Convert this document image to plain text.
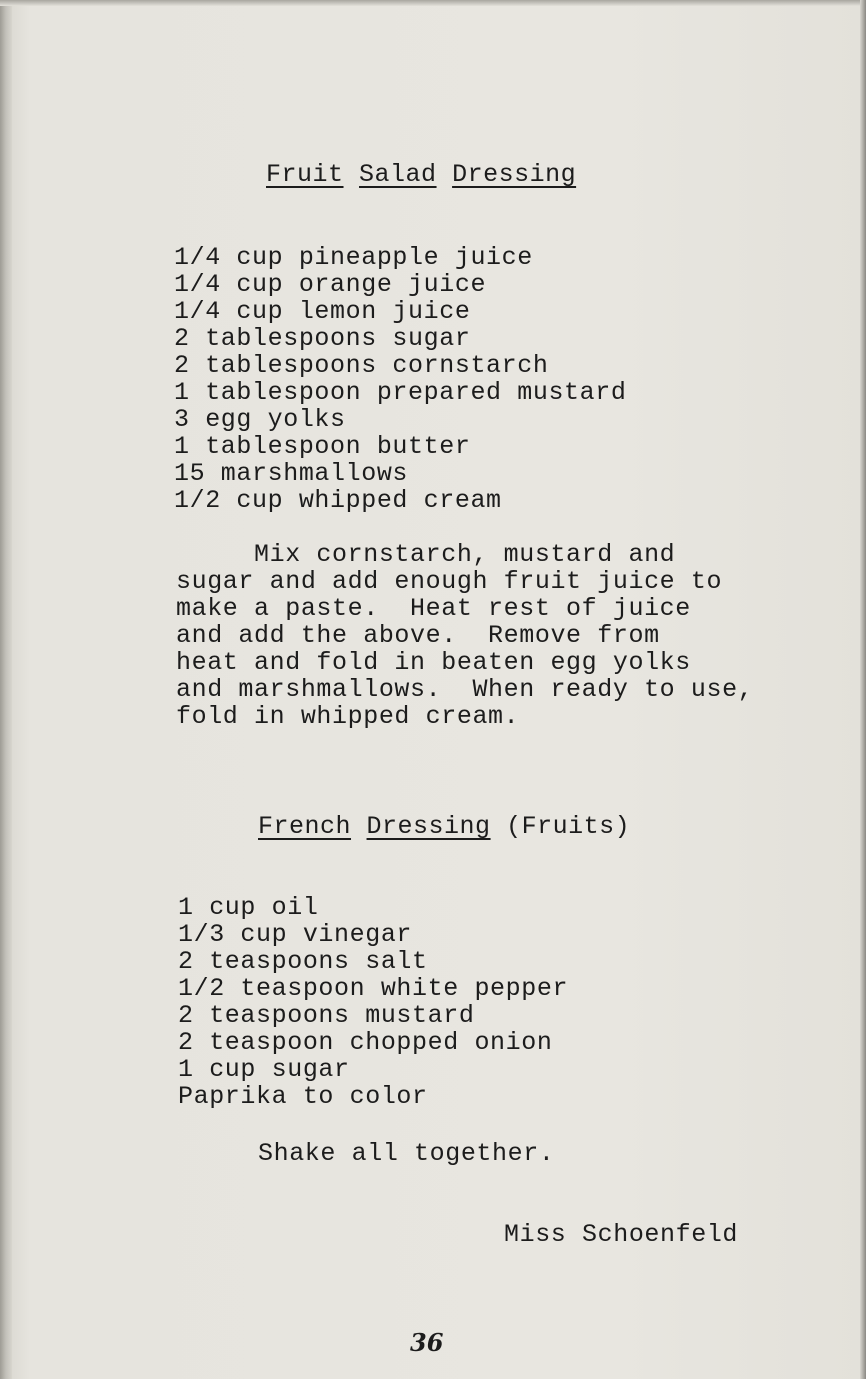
Fruit Salad Dressing
1/4 cup pineapple juice
1/4 cup orange juice
1/4 cup lemon juice
2 tablespoons sugar
2 tablespoons cornstarch
1 tablespoon prepared mustard
3 egg yolks
1 tablespoon butter
15 marshmallows
1/2 cup whipped cream
Mix cornstarch, mustard and
sugar and add enough fruit juice to
make a paste.  Heat rest of juice
and add the above.  Remove from
heat and fold in beaten egg yolks
and marshmallows.  When ready to use,
fold in whipped cream.
French Dressing (Fruits)
1 cup oil
1/3 cup vinegar
2 teaspoons salt
1/2 teaspoon white pepper
2 teaspoons mustard
2 teaspoon chopped onion
1 cup sugar
Paprika to color

Shake all together.

Miss Schoenfeld

36
